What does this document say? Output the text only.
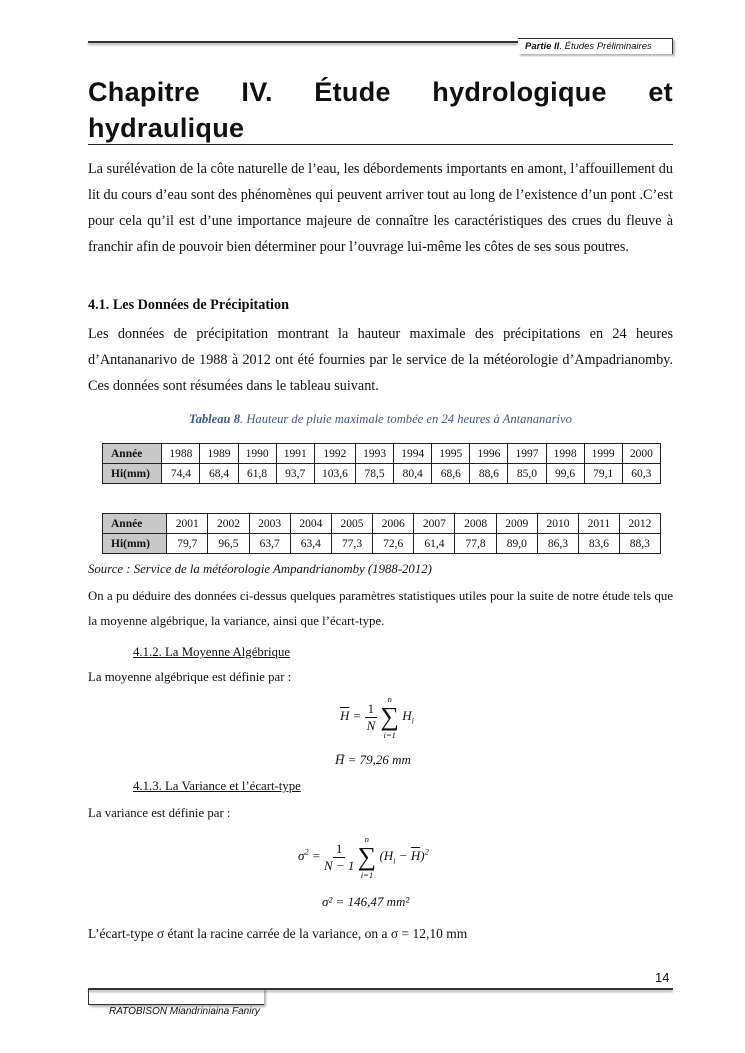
Partie II. Études Préliminaires
Chapitre IV. Étude hydrologique et
hydraulique
La surélévation de la côte naturelle de l’eau, les débordements importants en amont, l’affouillement du lit du cours d’eau sont des phénomènes qui peuvent arriver tout au long de l’existence d’un pont .C’est pour cela qu’il est d’une importance majeure de connaître les caractéristiques des crues du fleuve à franchir afin de pouvoir bien déterminer pour l’ouvrage lui-même les côtes de ses sous poutres.
4.1. Les Données de Précipitation
Les données de précipitation montrant la hauteur maximale des précipitations en 24 heures d’Antananarivo de 1988 à 2012 ont été fournies par le service de la météorologie d’Ampadrianomby. Ces données sont résumées dans le tableau suivant.
Tableau 8. Hauteur de pluie maximale tombée en 24 heures à Antananarivo
Année	1988	1989	1990	1991	1992	1993	1994	1995	1996	1997	1998	1999	2000
Hi(mm)	74,4	68,4	61,8	93,7	103,6	78,5	80,4	68,6	88,6	85,0	99,6	79,1	60,3
Année	2001	2002	2003	2004	2005	2006	2007	2008	2009	2010	2011	2012
Hi(mm)	79,7	96,5	63,7	63,4	77,3	72,6	61,4	77,8	89,0	86,3	83,6	88,3
Source : Service de la météorologie Ampandrianomby (1988-2012)
On a pu déduire des données ci-dessus quelques paramètres statistiques utiles pour la suite de notre étude tels que la moyenne algébrique, la variance, ainsi que l’écart-type.
4.1.2. La Moyenne Algébrique
La moyenne algébrique est définie par :
$\overline{H} = \frac{1}{N}$

n
∑
i=1
$H_i$
H̅ = 79,26 mm
4.1.3. La Variance et l’écart-type
La variance est définie par :
$\sigma^2 = \frac{1}{N - 1}$

n
∑
i=1
$(H_i - \overline{H})^2$
σ² = 146,47 mm²
L’écart-type σ étant la racine carrée de la variance, on a σ = 12,10 mm
14
RATOBISON Miandriniaina Faniry
